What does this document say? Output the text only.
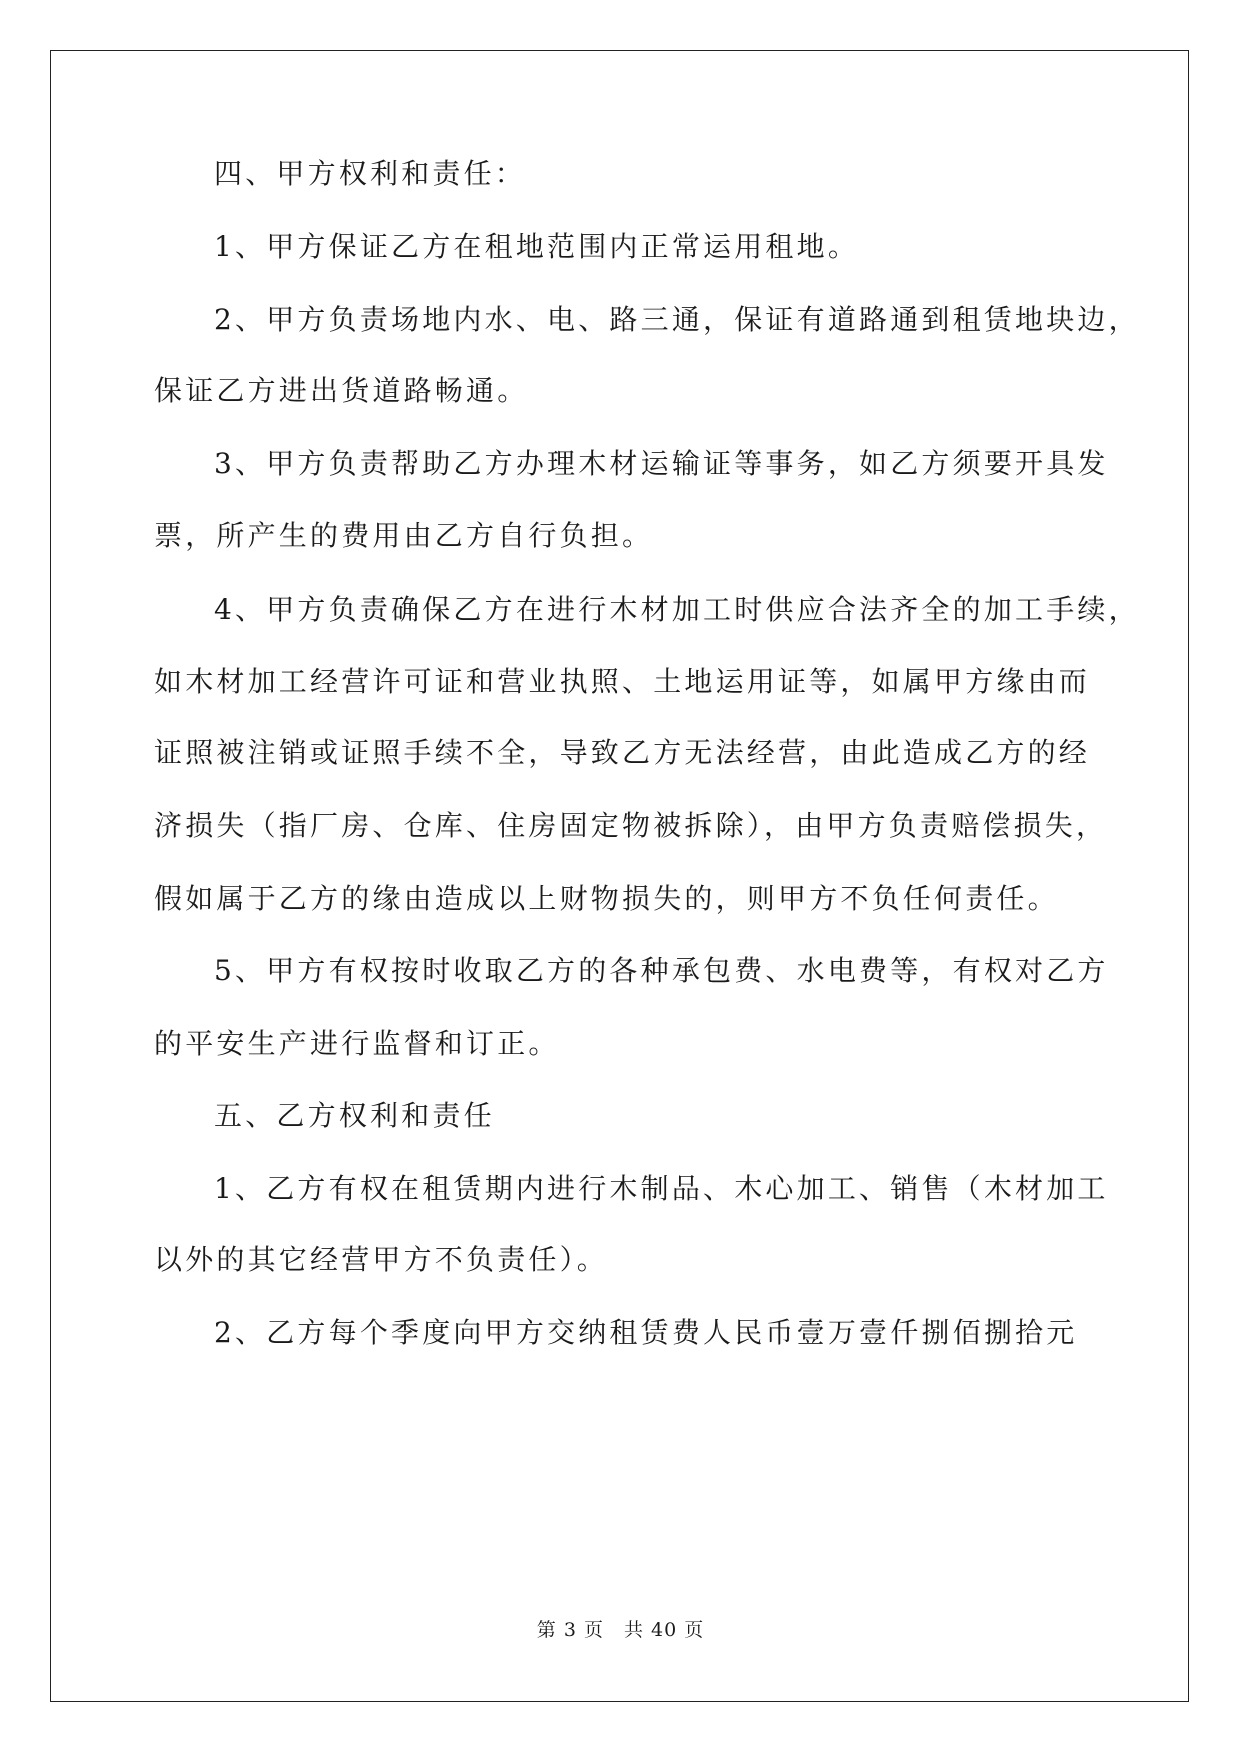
四、甲方权利和责任：
1、甲方保证乙方在租地范围内正常运用租地。
2、甲方负责场地内水、电、路三通，保证有道路通到租赁地块边，
保证乙方进出货道路畅通。
3、甲方负责帮助乙方办理木材运输证等事务，如乙方须要开具发
票，所产生的费用由乙方自行负担。
4、甲方负责确保乙方在进行木材加工时供应合法齐全的加工手续，
如木材加工经营许可证和营业执照、土地运用证等，如属甲方缘由而
证照被注销或证照手续不全，导致乙方无法经营，由此造成乙方的经
济损失（指厂房、仓库、住房固定物被拆除），由甲方负责赔偿损失，
假如属于乙方的缘由造成以上财物损失的，则甲方不负任何责任。
5、甲方有权按时收取乙方的各种承包费、水电费等，有权对乙方
的平安生产进行监督和订正。
五、乙方权利和责任
1、乙方有权在租赁期内进行木制品、木心加工、销售（木材加工
以外的其它经营甲方不负责任）。
2、乙方每个季度向甲方交纳租赁费人民币壹万壹仟捌佰捌拾元
第 3 页　共 40 页
